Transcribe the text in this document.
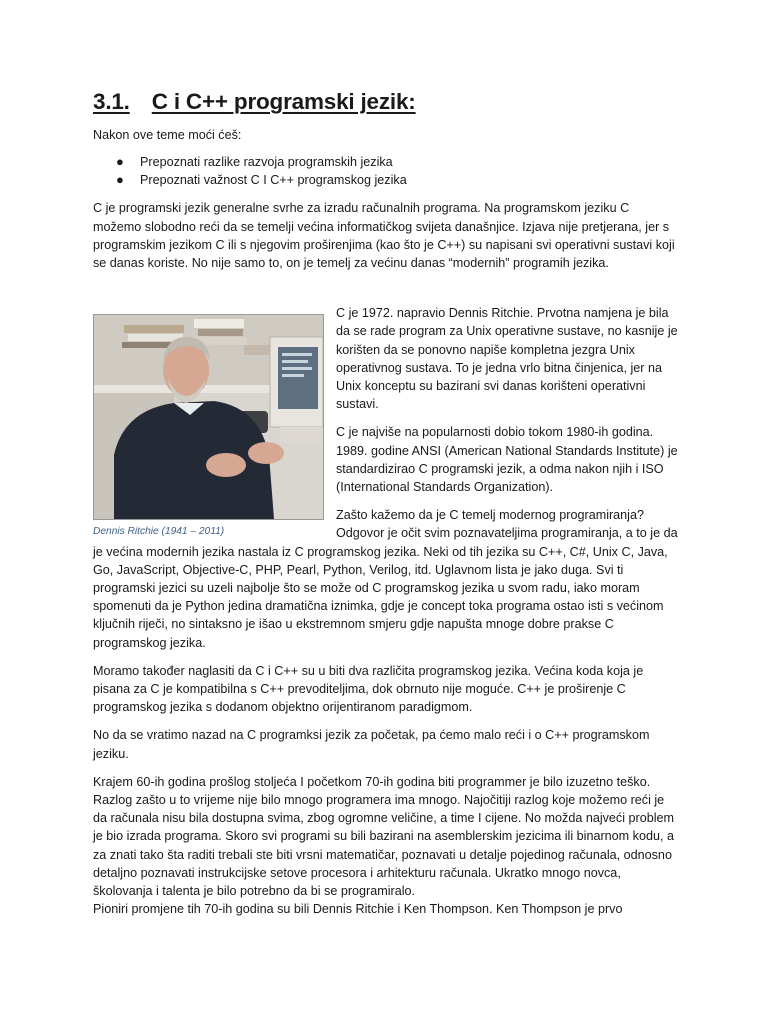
3.1. C i C++ programski jezik:

Nakon ove teme moći ćeš:

● Prepoznati razlike razvoja programskih jezika
● Prepoznati važnost C I C++ programskog jezika

C je programski jezik generalne svrhe za izradu računalnih programa. Na programskom jeziku C možemo slobodno reći da se temelji većina informatičkog svijeta današnjice. Izjava nije pretjerana, jer s programskim jezikom C ili s njegovim proširenjima (kao što je C++) su napisani svi operativni sustavi koji se danas koriste. No nije samo to, on je temelj za većinu danas “modernih” programih jezika.

Dennis Ritchie (1941 – 2011)

C je 1972. napravio Dennis Ritchie. Prvotna namjena je bila da se rade program za Unix operativne sustave, no kasnije je korišten da se ponovno napiše kompletna jezgra Unix operativnog sustava. To je jedna vrlo bitna činjenica, jer na Unix konceptu su bazirani svi danas korišteni operativni sustavi.

C je najviše na popularnosti dobio tokom 1980-ih godina. 1989. godine ANSI (American National Standards Institute) je standardizirao C programski jezik, a odma nakon njih i ISO (International Standards Organization).

Zašto kažemo da je C temelj modernog programiranja? Odgovor je očit svim poznavateljima programiranja, a to je da je većina modernih jezika nastala iz C programskog jezika. Neki od tih jezika su C++, C#, Unix C, Java, Go, JavaScript, Objective-C, PHP, Pearl, Python, Verilog, itd. Uglavnom lista je jako duga. Svi ti programski jezici su uzeli najbolje što se može od C programskog jezika u svom radu, iako moram spomenuti da je Python jedina dramatična iznimka, gdje je concept toka programa ostao isti s većinom ključnih riječi, no sintaksno je išao u ekstremnom smjeru gdje napušta mnoge dobre prakse C programskog jezika.

Moramo također naglasiti da C i C++ su u biti dva različita programskog jezika. Većina koda koja je pisana za C je kompatibilna s C++ prevoditeljima, dok obrnuto nije moguće. C++ je proširenje C programskog jezika s dodanom objektno orijentiranom paradigmom.

No da se vratimo nazad na C programksi jezik za početak, pa ćemo malo reći i o C++ programskom jeziku.

Krajem 60-ih godina prošlog stoljeća I početkom 70-ih godina biti programmer je bilo izuzetno teško. Razlog zašto u to vrijeme nije bilo mnogo programera ima mnogo. Najočitiji razlog koje možemo reći je da računala nisu bila dostupna svima, zbog ogromne veličine, a time I cijene. No možda najveći problem je bio izrada programa. Skoro svi programi su bili bazirani na asemblerskim jezicima ili binarnom kodu, a za znati tako šta raditi trebali ste biti vrsni matematičar, poznavati u detalje pojedinog računala, odnosno detaljno poznavati instrukcijske setove procesora i arhitekturu računala. Ukratko mnogo novca, školovanja i talenta je bilo potrebno da bi se programiralo.

Pioniri promjene tih 70-ih godina su bili Dennis Ritchie i Ken Thompson. Ken Thompson je prvo
